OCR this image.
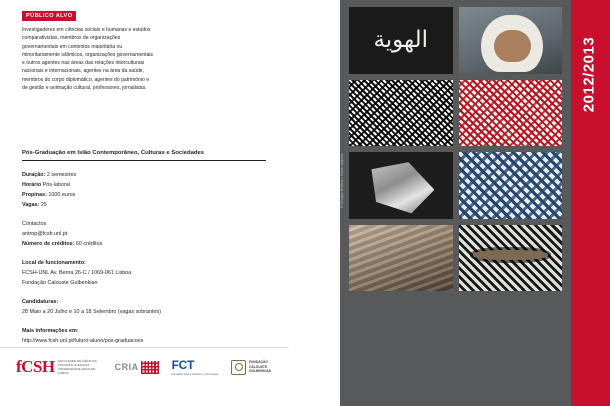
PÚBLICO ALVO
Investigadores em ciências sociais e humanas e estudos comparativistas, membros de organizações governamentais em contextos maioritária ou minoritariamente islâmicos, organizações governamentais e outros agentes nas áreas das relações interculturais nacionais e internacionais, agentes na área da saúde, membros do corpo diplomático, agentes do património e de gestão e animação cultural, professores, jornalistas.
Pós-Graduação em Islão Contemporâneo, Culturas e Sociedades
Duração: 2 semestres
Horário Pós-laboral
Propinas: 1000 euros
Vagas: 25
Contactos
antrop@fcsh.unl.pt
Número de créditos: 60 créditos
Local de funcionamento:
FCSH-UNL Av. Berna 26-C / 1069-061 Lisboa
Fundação Calouste Gulbenkian
Candidaturas:
28 Maio a 20 Julho e 10 a 18 Setembro (vagas sobrantes)
Mais informações em:
http://www.fcsh.unl.pt/futuro-aluno/pos-graduacoes
fCSH FACULDADE DE CIÊNCIAS SOCIAIS E HUMANAS UNIVERSIDADE NOVA DE LISBOA
CRIA	FCT
Fundação para a Ciência e a Tecnologia
FUNDAÇÃO
CALOUSTE
GULBENKIAN
الهوية
© Design: Gráfica / Fotos: arquivo
2012/2013
